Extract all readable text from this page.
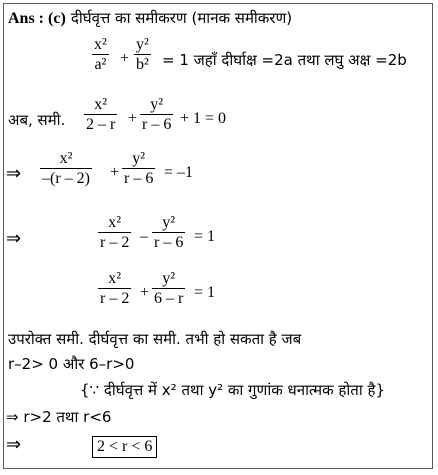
Ans : (c) दीर्घवृत्त का समीकरण (मानक समीकरण)
x²
a² +
y²
b² = 1 जहाँ दीर्घाक्ष =2a तथा लघु अक्ष =2b
अब, समी.
x²
2 – r +
y²
r – 6 + 1 = 0
⇒
x²
–(r – 2) +
y²
r – 6 = –1
⇒
x²
r – 2 –
y²
r – 6 = 1
x²
r – 2 +
y²
6 – r = 1
उपरोक्त समी. दीर्घवृत्त का समी. तभी हो सकता है जब
r–2> 0 और 6–r>0
{∵ दीर्घवृत्त में x² तथा y² का गुणांक धनात्मक होता है}
⇒ r>2 तथा r<6
⇒	2 < r < 6
